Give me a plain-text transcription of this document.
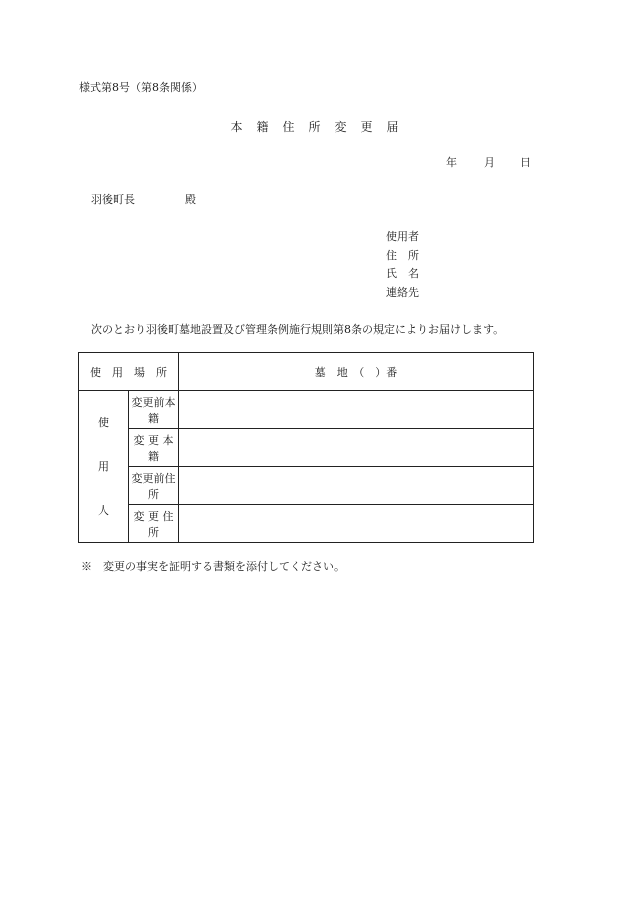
様式第8号（第8条関係）
本　籍　住　所　変　更　届
年 月 日
羽後町長	殿
使用者
住　所
氏　名
連絡先
次のとおり羽後町墓地設置及び管理条例施行規則第8条の規定によりお届けします。
使　用　場　所		墓　地　（　）番

使
用
人	変更前本籍	
	変 更 本 籍	
	変更前住所	
	変 更 住 所	
※　変更の事実を証明する書類を添付してください。
